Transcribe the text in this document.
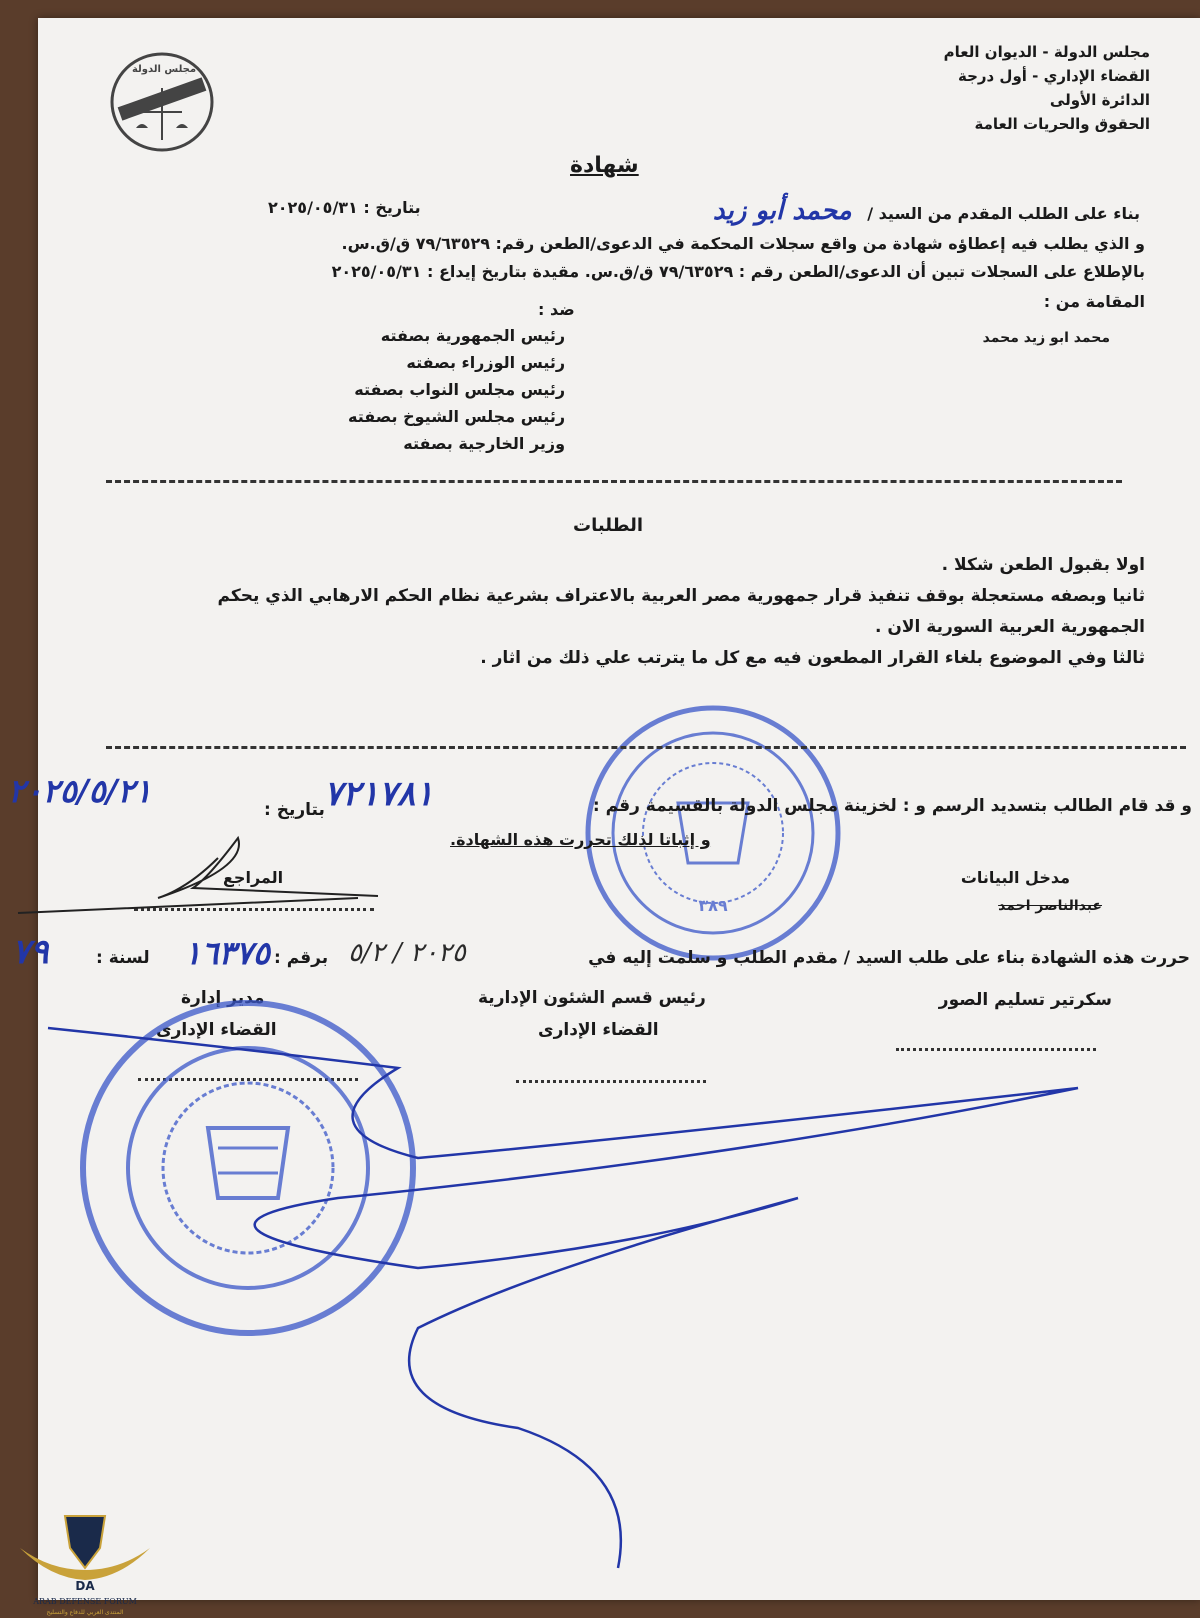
مجلس الدولة
مجلس الدولة - الديوان العام
القضاء الإداري - أول درجة
الدائرة الأولى
الحقوق والحريات العامة
شهادة
بناء على الطلب المقدم من السيد / محمد أبو زيد
بتاريخ : ٢٠٢٥/٠٥/٣١
و الذي يطلب فيه إعطاؤه شهادة من واقع سجلات المحكمة في الدعوى/الطعن رقم: ٧٩/٦٣٥٢٩ ق/ق.س.
بالإطلاع على السجلات تبين أن الدعوى/الطعن رقم : ٧٩/٦٣٥٢٩ ق/ق.س. مقيدة بتاريخ إيداع : ٢٠٢٥/٠٥/٣١
المقامة من :
ضد :
محمد ابو زيد محمد
رئيس الجمهورية بصفته
رئيس الوزراء بصفته
رئيس مجلس النواب بصفته
رئيس مجلس الشيوخ بصفته
وزير الخارجية بصفته
الطلبات
اولا بقبول الطعن شكلا .
ثانيا وبصفه مستعجلة بوقف تنفيذ قرار جمهورية مصر العربية بالاعتراف بشرعية نظام الحكم الارهابي الذي يحكم
الجمهورية العربية السورية الان .
ثالثا وفي الموضوع بلغاء القرار المطعون فيه مع كل ما يترتب علي ذلك من اثار .
٣٨٩
و قد قام الطالب بتسديد الرسم و : لخزينة مجلس الدولة بالقسيمة رقم :
٧٢١٧٨١
بتاريخ :
٢٠٢٥/٥/٢١
و إثباتا لذلك تحررت هذه الشهادة.
مدخل البيانات
عبدالناصر احمد
المراجع
حررت هذه الشهادة بناء على طلب السيد / مقدم الطلب و سلمت إليه في
٢٠٢٥ / ٥/٢
برقم :
١٦٣٧٥
لسنة :
٧٩
سكرتير تسليم الصور
رئيس قسم الشئون الإدارية
القضاء الإدارى
مدير إدارة
القضاء الإدارى
DA
ARAB DEFENSE FORUM
المنتدى العربي للدفاع والتسليح
